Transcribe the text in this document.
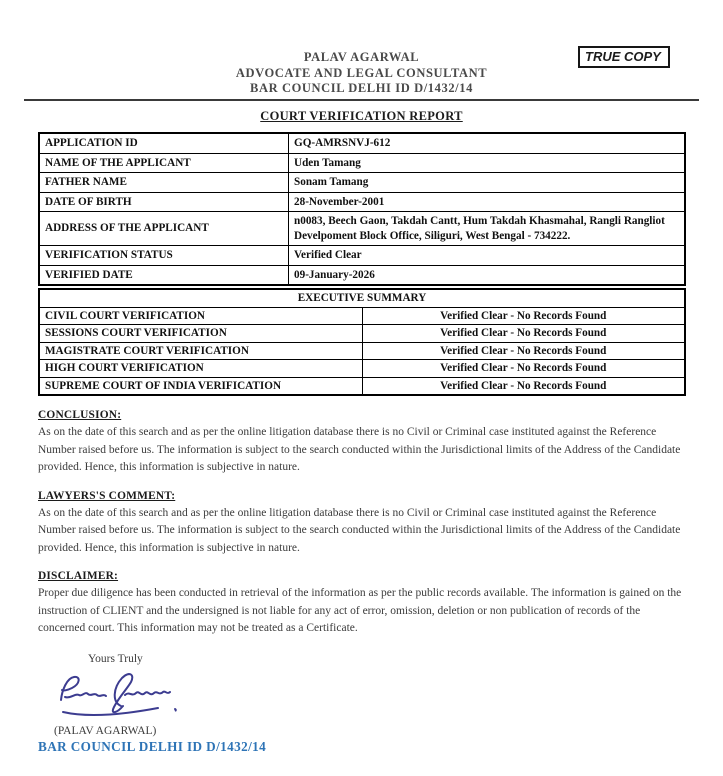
PALAV AGARWAL
ADVOCATE AND LEGAL CONSULTANT
BAR COUNCIL DELHI ID D/1432/14
TRUE COPY
COURT VERIFICATION REPORT
APPLICATION ID	GQ-AMRSNVJ-612
NAME OF THE APPLICANT	Uden Tamang
FATHER NAME	Sonam Tamang
DATE OF BIRTH	28-November-2001
ADDRESS OF THE APPLICANT	n0083, Beech Gaon, Takdah Cantt, Hum Takdah Khasmahal, Rangli Rangliot Develpoment Block Office, Siliguri, West Bengal - 734222.
VERIFICATION STATUS	Verified Clear
VERIFIED DATE	09-January-2026
EXECUTIVE SUMMARY	
CIVIL COURT VERIFICATION	Verified Clear - No Records Found
SESSIONS COURT VERIFICATION	Verified Clear - No Records Found
MAGISTRATE COURT VERIFICATION	Verified Clear - No Records Found
HIGH COURT VERIFICATION	Verified Clear - No Records Found
SUPREME COURT OF INDIA VERIFICATION	Verified Clear - No Records Found
CONCLUSION:
As on the date of this search and as per the online litigation database there is no Civil or Criminal case instituted against the Reference Number raised before us. The information is subject to the search conducted within the Jurisdictional limits of the Address of the Candidate provided. Hence, this information is subjective in nature.
LAWYERS'S COMMENT:
As on the date of this search and as per the online litigation database there is no Civil or Criminal case instituted against the Reference Number raised before us. The information is subject to the search conducted within the Jurisdictional limits of the Address of the Candidate provided. Hence, this information is subjective in nature.
DISCLAIMER:
Proper due diligence has been conducted in retrieval of the information as per the public records available. The information is gained on the instruction of CLIENT and the undersigned is not liable for any act of error, omission, deletion or non publication of records of the concerned court. This information may not be treated as a Certificate.
Yours Truly
(PALAV AGARWAL)
BAR COUNCIL DELHI ID D/1432/14
